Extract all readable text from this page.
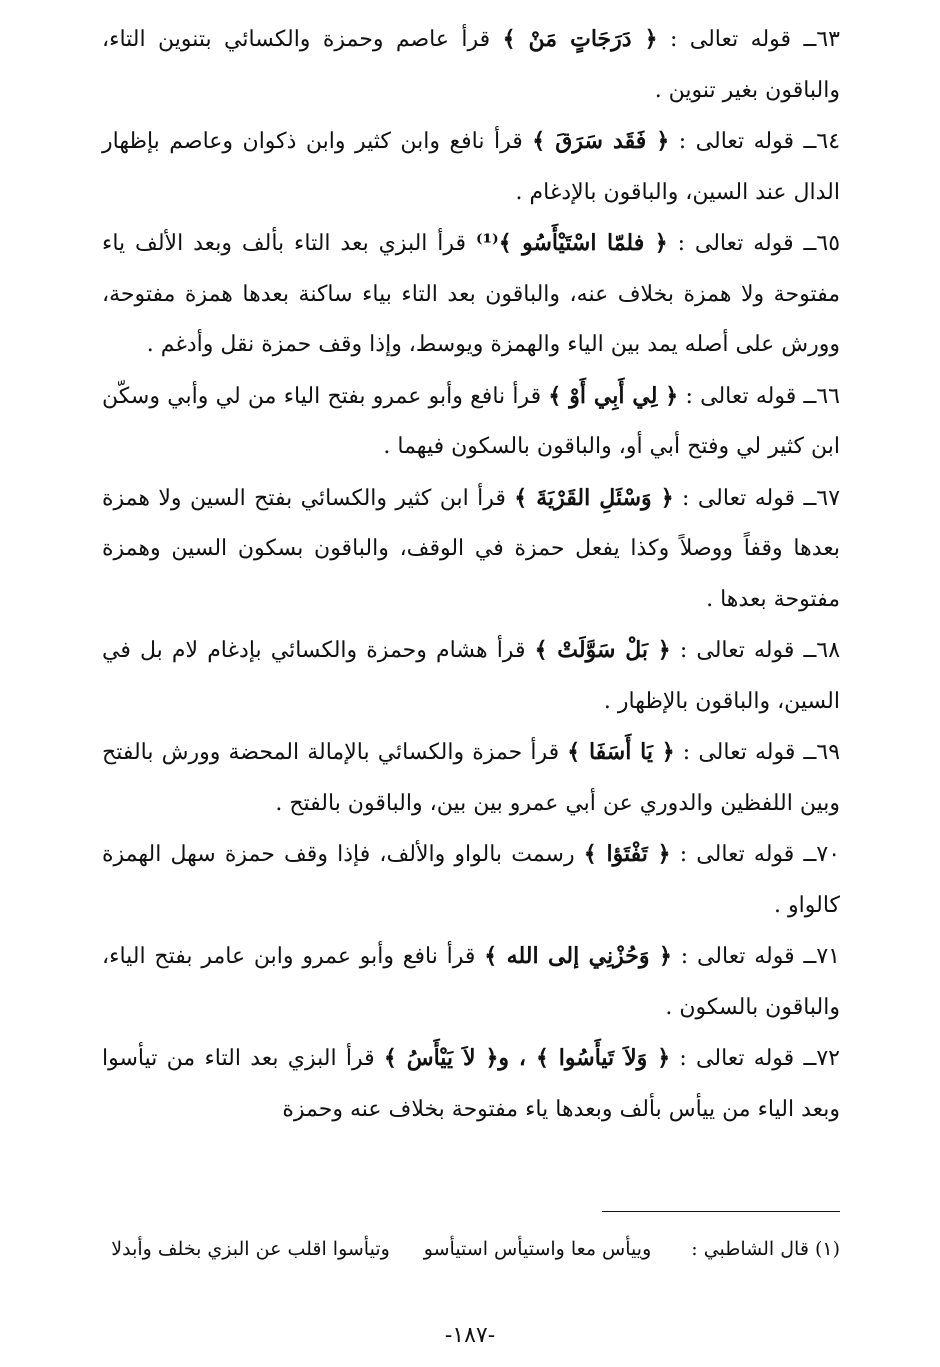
٦٣ــ قوله تعالى : ﴿ دَرَجَاتٍ مَنْ ﴾ قرأ عاصم وحمزة والكسائي بتنوين التاء، والباقون بغير تنوين .

٦٤ــ قوله تعالى : ﴿ فَقَد سَرَقَ ﴾ قرأ نافع وابن كثير وابن ذكوان وعاصم بإظهار الدال عند السين، والباقون بالإدغام .

٦٥ــ قوله تعالى : ﴿ فلمّا اسْتَيْأَسُو ﴾⁽¹⁾ قرأ البزي بعد التاء بألف وبعد الألف ياء مفتوحة ولا همزة بخلاف عنه، والباقون بعد التاء بياء ساكنة بعدها همزة مفتوحة، وورش على أصله يمد بين الياء والهمزة ويوسط، وإذا وقف حمزة نقل وأدغم .

٦٦ــ قوله تعالى : ﴿ لِي أَبِي أَوْ ﴾ قرأ نافع وأبو عمرو بفتح الياء من لي وأبي وسكّن ابن كثير لي وفتح أبي أو، والباقون بالسكون فيهما .

٦٧ــ قوله تعالى : ﴿ وَسْئَلِ القَرْيَةَ ﴾ قرأ ابن كثير والكسائي بفتح السين ولا همزة بعدها وقفاً ووصلاً وكذا يفعل حمزة في الوقف، والباقون بسكون السين وهمزة مفتوحة بعدها .

٦٨ــ قوله تعالى : ﴿ بَلْ سَوَّلَتْ ﴾ قرأ هشام وحمزة والكسائي بإدغام لام بل في السين، والباقون بالإظهار .

٦٩ــ قوله تعالى : ﴿ يَا أَسَفَا ﴾ قرأ حمزة والكسائي بالإمالة المحضة وورش بالفتح وبين اللفظين والدوري عن أبي عمرو بين بين، والباقون بالفتح .

٧٠ــ قوله تعالى : ﴿ تَفْتَؤا ﴾ رسمت بالواو والألف، فإذا وقف حمزة سهل الهمزة كالواو .

٧١ــ قوله تعالى : ﴿ وَحُزْنِي إلى الله ﴾ قرأ نافع وأبو عمرو وابن عامر بفتح الياء، والباقون بالسكون .

٧٢ــ قوله تعالى : ﴿ وَلاَ تَيأَسُوا ﴾ ، و﴿ لاَ يَيْأَسُ ﴾ قرأ البزي بعد التاء من تيأسوا وبعد الياء من ييأس بألف وبعدها ياء مفتوحة بخلاف عنه وحمزة

(١) قال الشاطبي :وييأس معا واستيأس استيأسووتيأسوا اقلب عن البزي بخلف وأبدلا
-١٨٧-
